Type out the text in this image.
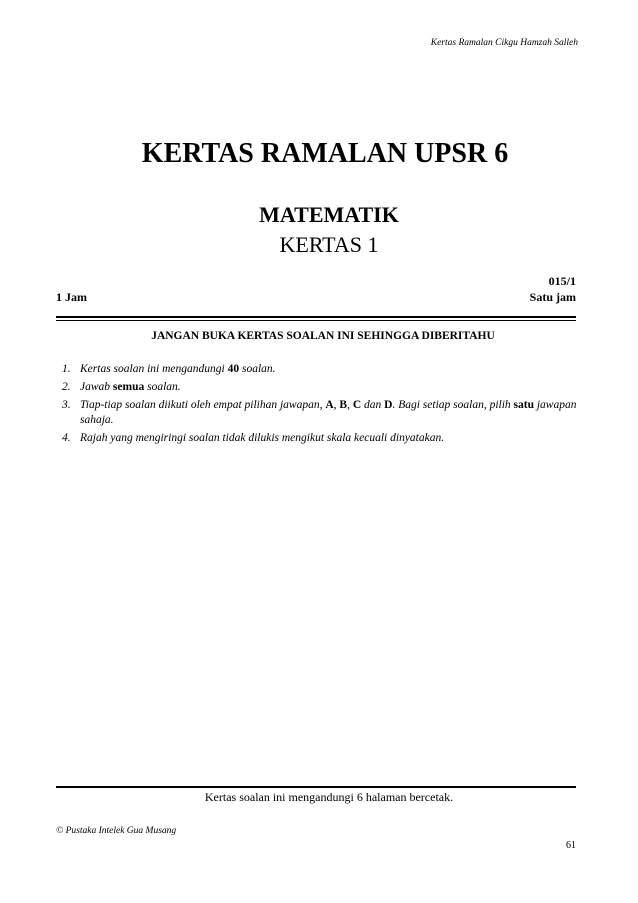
Kertas Ramalan Cikgu Hamzah Salleh
KERTAS RAMALAN UPSR 6
MATEMATIK
KERTAS 1
015/1
1 Jam	Satu jam
JANGAN BUKA KERTAS SOALAN INI SEHINGGA DIBERITAHU
1. Kertas soalan ini mengandungi 40 soalan.
2. Jawab semua soalan.
3. Tiap-tiap soalan diikuti oleh empat pilihan jawapan, A, B, C dan D. Bagi setiap soalan, pilih satu jawapan sahaja.
4. Rajah yang mengiringi soalan tidak dilukis mengikut skala kecuali dinyatakan.
Kertas soalan ini mengandungi 6 halaman bercetak.
© Pustaka Intelek Gua Musang
61
